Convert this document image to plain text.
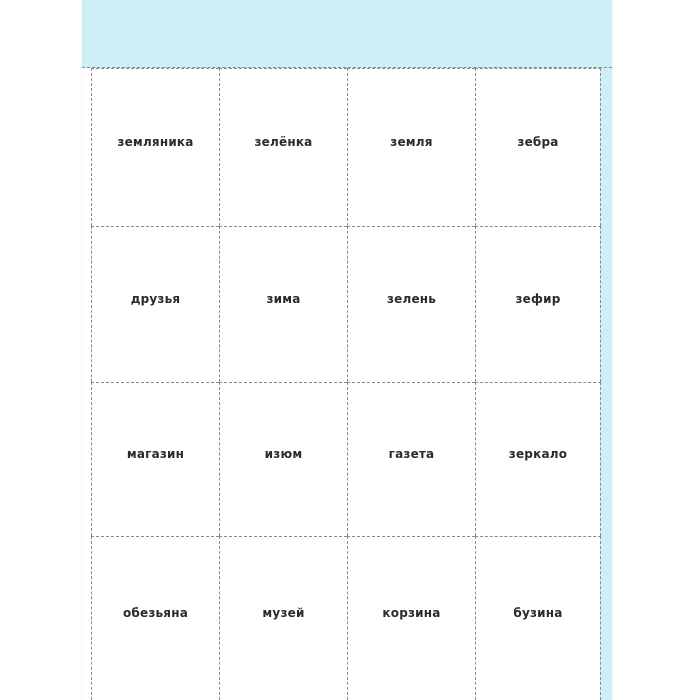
земляника	зелёнка	земля	зебра
друзья	зима	зелень	зефир
магазин	изюм	газета	зеркало
обезьяна	музей	корзина	бузина
